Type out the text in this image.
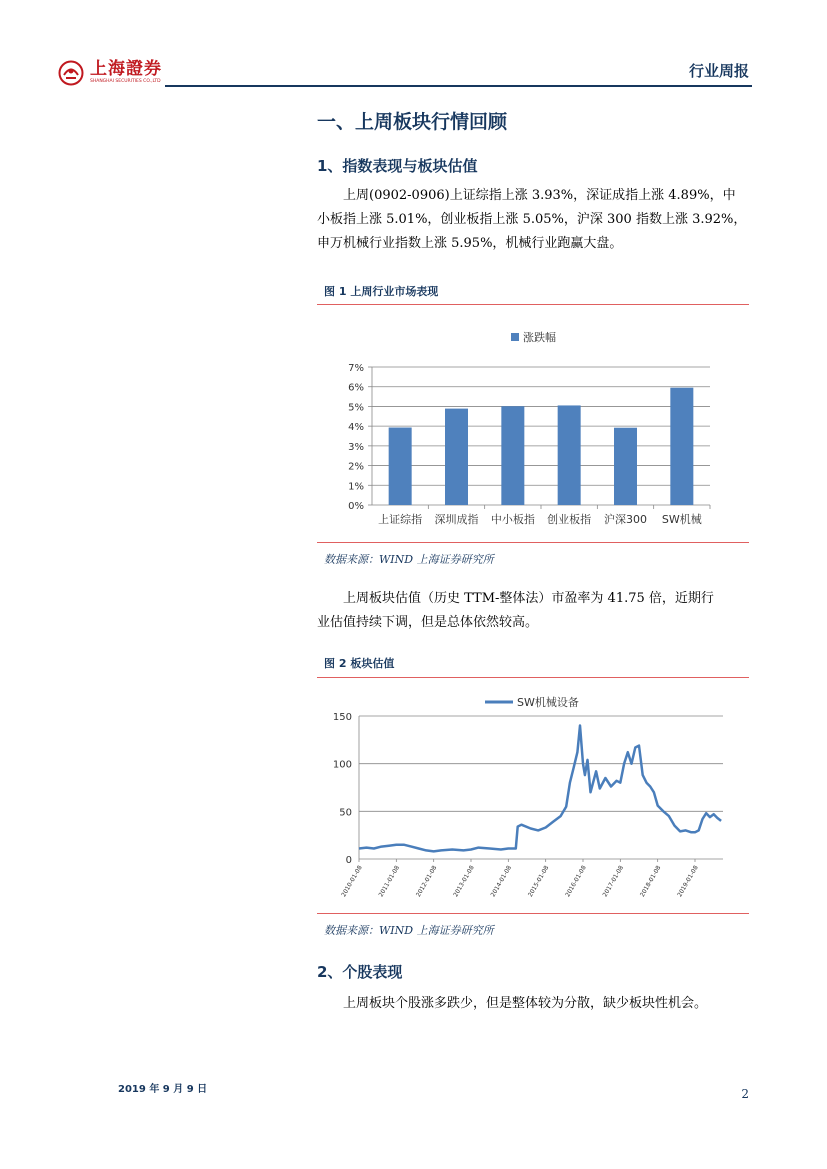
上海證券
SHANGHAI SECURITIES CO.,LTD
行业周报
一、上周板块行情回顾
1、指数表现与板块估值
上周(0902-0906)上证综指上涨 3.93%，深证成指上涨 4.89%，中
小板指上涨 5.01%，创业板指上涨 5.05%，沪深 300 指数上涨 3.92%，
申万机械行业指数上涨 5.95%，机械行业跑赢大盘。
图 1 上周行业市场表现
涨跌幅
0%
1%
2%
3%
4%
5%
6%
7%
上证综指 深圳成指 中小板指 创业板指 沪深300 SW机械
数据来源：WIND 上海证券研究所
上周板块估值（历史 TTM-整体法）市盈率为 41.75 倍，近期行
业估值持续下调，但是总体依然较高。
图 2 板块估值
SW机械设备
0
50
100
150
2010-01-08 2011-01-08 2012-01-08 2013-01-08 2014-01-08 2015-01-08 2016-01-08 2017-01-08 2018-01-08 2019-01-08
数据来源：WIND 上海证券研究所
2、个股表现
上周板块个股涨多跌少，但是整体较为分散，缺少板块性机会。
2019 年 9 月 9 日	2
